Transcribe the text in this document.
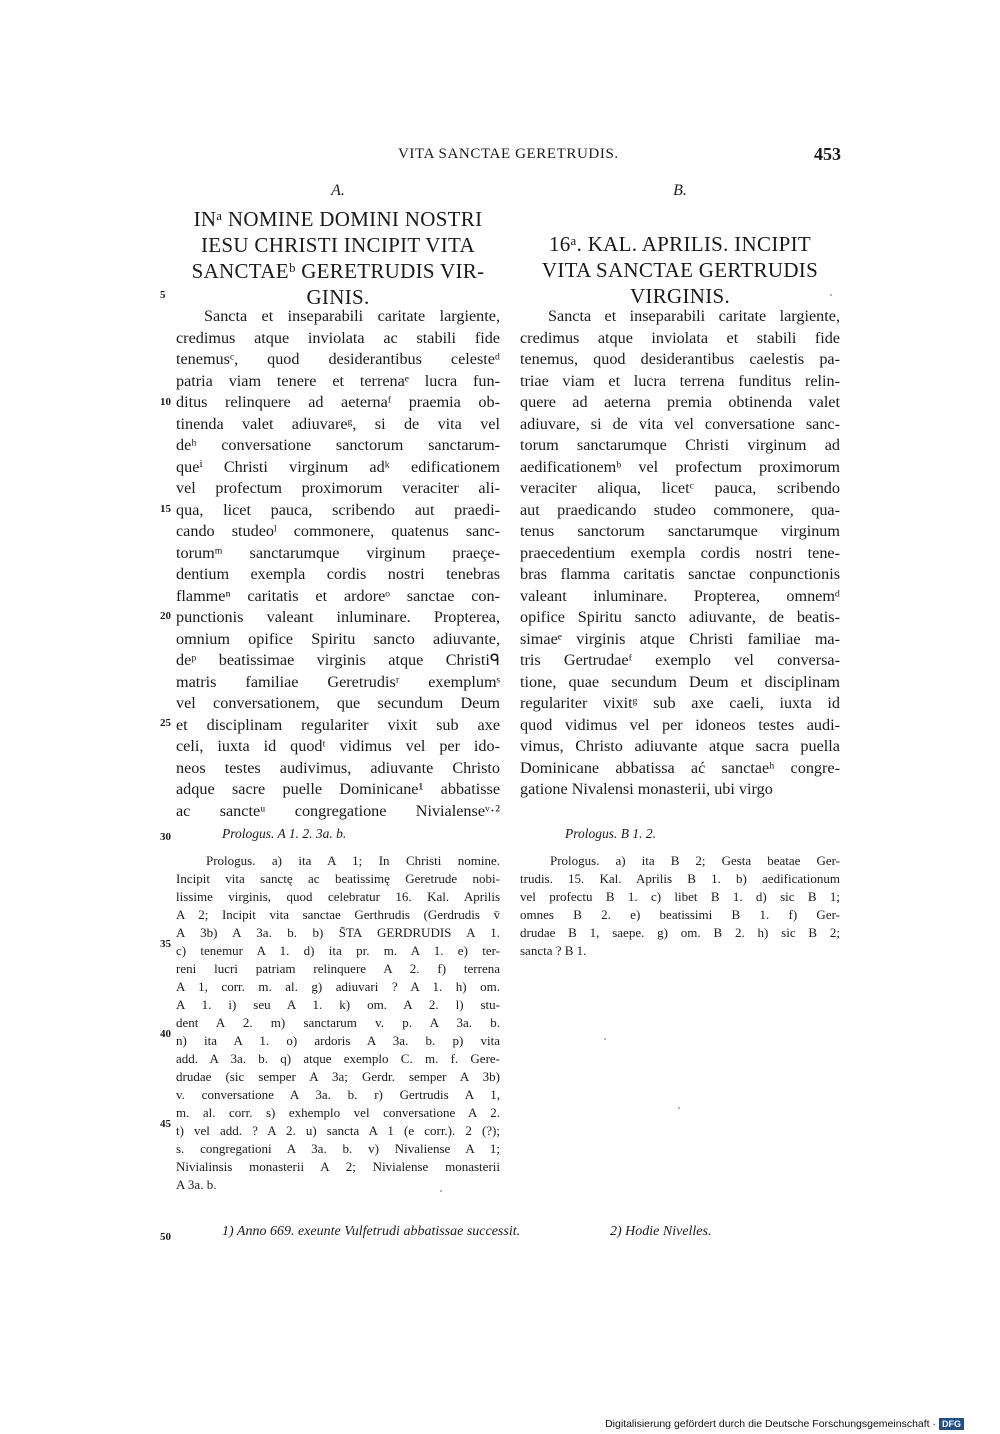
VITA SANCTAE GERETRUDIS.	453
5
10
15
20
25
30
35
40
45
50
A.
INᵃ NOMINE DOMINI NOSTRI
IESU CHRISTI INCIPIT VITA
SANCTAEᵇ GERETRUDIS VIR-
GINIS.
Sancta et inseparabili caritate largiente,
credimus atque inviolata ac stabili fide
tenemusᶜ, quod desiderantibus celesteᵈ
patria viam tenere et terrenaᵉ lucra fun-
ditus relinquere ad aeternaᶠ praemia ob-
tinenda valet adiuvareᵍ, si de vita vel
deʰ conversatione sanctorum sanctarum-
queⁱ Christi virginum adᵏ edificationem
vel profectum proximorum veraciter ali-
qua, licet pauca, scribendo aut praedi-
cando studeoˡ commonere, quatenus sanc-
torumᵐ sanctarumque virginum praeçe-
dentium exempla cordis nostri tenebras
flammeⁿ caritatis et ardoreᵒ sanctae con-
punctionis valeant inluminare. Propterea,
omnium opifice Spiritu sancto adiuvante,
deᵖ beatissimae virginis atque Christiᑫ
matris familiae Geretrudisʳ exemplumˢ
vel conversationem, que secundum Deum
et disciplinam regulariter vixit sub axe
celi, iuxta id quodᵗ vidimus vel per ido-
neos testes audivimus, adiuvante Christo
adque sacre puelle Dominicane¹ abbatisse
ac sancteᵘ congregatione Nivialenseᵛ·²
B.
16ᵃ. KAL. APRILIS. INCIPIT
VITA SANCTAE GERTRUDIS
VIRGINIS.
Sancta et inseparabili caritate largiente,
credimus atque inviolata et stabili fide
tenemus, quod desiderantibus caelestis pa-
triae viam et lucra terrena funditus relin-
quere ad aeterna premia obtinenda valet
adiuvare, si de vita vel conversatione sanc-
torum sanctarumque Christi virginum ad
aedificationemᵇ vel profectum proximorum
veraciter aliqua, licetᶜ pauca, scribendo
aut praedicando studeo commonere, qua-
tenus sanctorum sanctarumque virginum
praecedentium exempla cordis nostri tene-
bras flamma caritatis sanctae conpunctionis
valeant inluminare. Propterea, omnemᵈ
opifice Spiritu sancto adiuvante, de beatis-
simaeᵉ virginis atque Christi familiae ma-
tris Gertrudaeᶠ exemplo vel conversa-
tione, quae secundum Deum et disciplinam
regulariter vixitᵍ sub axe caeli, iuxta id
quod vidimus vel per idoneos testes audi-
vimus, Christo adiuvante atque sacra puella
Dominicane abbatissa ać sanctaeʰ congre-
gatione Nivalensi monasterii, ubi virgo
Prologus. A 1. 2. 3a. b.
Prologus. a) ita A 1; In Christi nomine.
Incipit vita sanctę ac beatissimę Geretrude nobi-
lissime virginis, quod celebratur 16. Kal. Aprilis
A 2; Incipit vita sanctae Gerthrudis (Gerdrudis v̄
A 3b) A 3a. b. b) S̄TA GERDRUDIS A 1.
c) tenemur A 1. d) ita pr. m. A 1. e) ter-
reni lucri patriam relinquere A 2. f) terrena
A 1, corr. m. al. g) adiuvari ? A 1. h) om.
A 1. i) seu A 1. k) om. A 2. l) stu-
dent A 2. m) sanctarum v. p. A 3a. b.
n) ita A 1. o) ardoris A 3a. b. p) vita
add. A 3a. b. q) atque exemplo C. m. f. Gere-
drudae (sic semper A 3a; Gerdr. semper A 3b)
v. conversatione A 3a. b. r) Gertrudis A 1,
m. al. corr. s) exhemplo vel conversatione A 2.
t) vel add. ? A 2. u) sancta A 1 (e corr.). 2 (?);
s. congregationi A 3a. b. v) Nivaliense A 1;
Nivialinsis monasterii A 2; Nivialense monasterii
A 3a. b.
Prologus. B 1. 2.
Prologus. a) ita B 2; Gesta beatae Ger-
trudis. 15. Kal. Aprilis B 1. b) aedificationum
vel profectu B 1. c) libet B 1. d) sic B 1;
omnes B 2. e) beatissimi B 1. f) Ger-
drudae B 1, saepe. g) om. B 2. h) sic B 2;
sancta ? B 1.
1) Anno 669. exeunte Vulfetrudi abbatissae successit.	2) Hodie Nivelles.
Digitalisierung gefördert durch die Deutsche Forschungsgemeinschaft · DFG
